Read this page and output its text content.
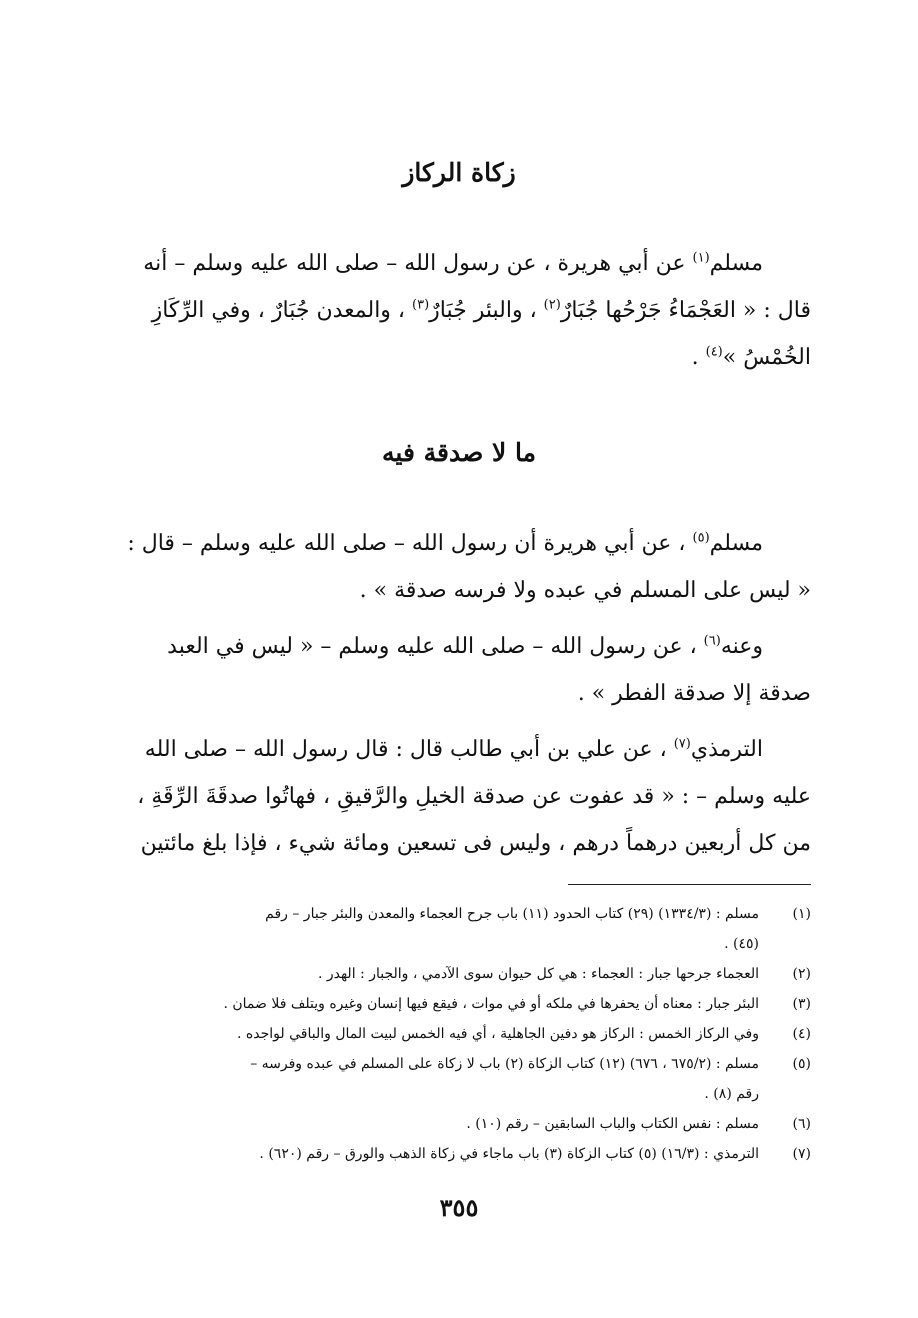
زكاة الركاز
مسلم$^{(١)}$ عن أبي هريرة ، عن رسول الله – صلى الله عليه وسلم – أنه
قال : « العَجْمَاءُ جَرْحُها جُبَارٌ$^{(٢)}$ ، والبئر جُبَارٌ$^{(٣)}$ ، والمعدن جُبَارٌ ، وفي الرِّكَازِ
الخُمْسُ »$^{(٤)}$ .
ما لا صدقة فيه
مسلم$^{(٥)}$ ، عن أبي هريرة أن رسول الله – صلى الله عليه وسلم – قال :
« ليس على المسلم في عبده ولا فرسه صدقة » .
وعنه$^{(٦)}$ ، عن رسول الله – صلى الله عليه وسلم – « ليس في العبد
صدقة إلا صدقة الفطر » .
الترمذي$^{(٧)}$ ، عن علي بن أبي طالب قال : قال رسول الله – صلى الله
عليه وسلم – : « قد عفوت عن صدقة الخيلِ والرَّقيقِ ، فهاتُوا صدقَةَ الرِّقَةِ ،
من كل أربعين درهماً درهم ، وليس فى تسعين ومائة شيء ، فإذا بلغ مائتين
(١)
مسلم : (١٣٣٤/٣) (٢٩) كتاب الحدود (١١) باب جرح العجماء والمعدن والبئر جبار – رقم
(٤٥) .
(٢)
العجماء جرحها جبار : العجماء : هي كل حيوان سوى الآدمي ، والجبار : الهدر .
(٣)
البئر جبار : معناه أن يحفرها في ملكه أو في موات ، فيقع فيها إنسان وغيره ويتلف فلا ضمان .
(٤)
وفي الركاز الخمس : الركاز هو دفين الجاهلية ، أي فيه الخمس لبيت المال والباقي لواجده .
(٥)
مسلم : (٦٧٥/٢ ، ٦٧٦) (١٢) كتاب الزكاة (٢) باب لا زكاة على المسلم في عبده وفرسه –
رقم (٨) .
(٦)
مسلم : نفس الكتاب والباب السابقين – رقم (١٠) .
(٧)
الترمذي : (١٦/٣) (٥) كتاب الزكاة (٣) باب ماجاء في زكاة الذهب والورق – رقم (٦٢٠) .
٣٥٥
